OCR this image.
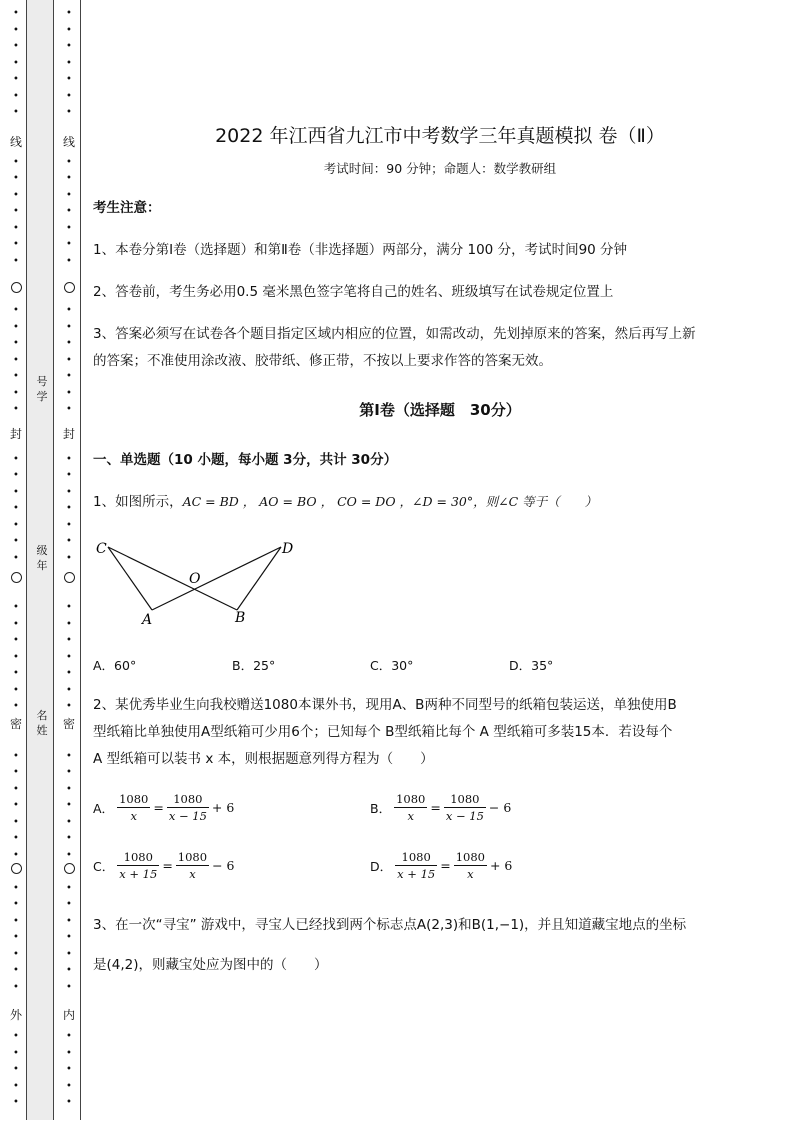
•
•
•
•
•
•
•
•
•
•
•
•
•
•
•
•
•
•
•
•
•
•
•
•
•
•
•
•
•
•
•
•
•
•
•
•
•
•
•
•
•
•
•
•
•
•
•
•
•
•
•
•
•
•
•
•
•
•
•
•
•
•
•
•
•
•
•
•
•
•
•
•
•
•
•
•
•
•
•
•
•
•
•
•
•
•
•
•
•
•
•
•
•
•
•
•
•
•
•
•
•
•
•
•
•
•
•
•
线
封
密
外
线
封
密
内
号学
级年
名姓
2022 年江西省九江市中考数学三年真题模拟 卷（Ⅱ）
考试时间：90 分钟；命题人：数学教研组
考生注意：
1、本卷分第Ⅰ卷（选择题）和第Ⅱ卷（非选择题）两部分，满分 100 分，考试时间90 分钟
2、答卷前，考生务必用0.5 毫米黑色签字笔将自己的姓名、班级填写在试卷规定位置上
3、答案必须写在试卷各个题目指定区域内相应的位置，如需改动，先划掉原来的答案，然后再写上新
的答案；不准使用涂改液、胶带纸、修正带，不按以上要求作答的答案无效。
第Ⅰ卷（选择题　30分）
一、单选题（10 小题，每小题 3分，共计 30分）
1、如图所示，AC = BD ， AO = BO ， CO = DO ，∠D = 30°，则∠C 等于（　　）
C	D
O
A	B
A．60°	B．25°	C．30°	D．35°
2、某优秀毕业生向我校赠送1080本课外书，现用A、B两种不同型号的纸箱包装运送，单独使用B
型纸箱比单独使用A型纸箱可少用6个；已知每个 B型纸箱比每个 A 型纸箱可多装15本．若设每个
A 型纸箱可以装书 x 本，则根据题意列得方程为（　　）
A． $\frac{1080}{x} = \frac{1080}{x - 15} + 6$	B． $\frac{1080}{x} = \frac{1080}{x - 15} - 6$
C． $\frac{1080}{x + 15} = \frac{1080}{x} - 6$	D． $\frac{1080}{x + 15} = \frac{1080}{x} + 6$
3、在一次“寻宝” 游戏中，寻宝人已经找到两个标志点A(2,3)和B(1,−1)，并且知道藏宝地点的坐标
是(4,2)，则藏宝处应为图中的（　　）
